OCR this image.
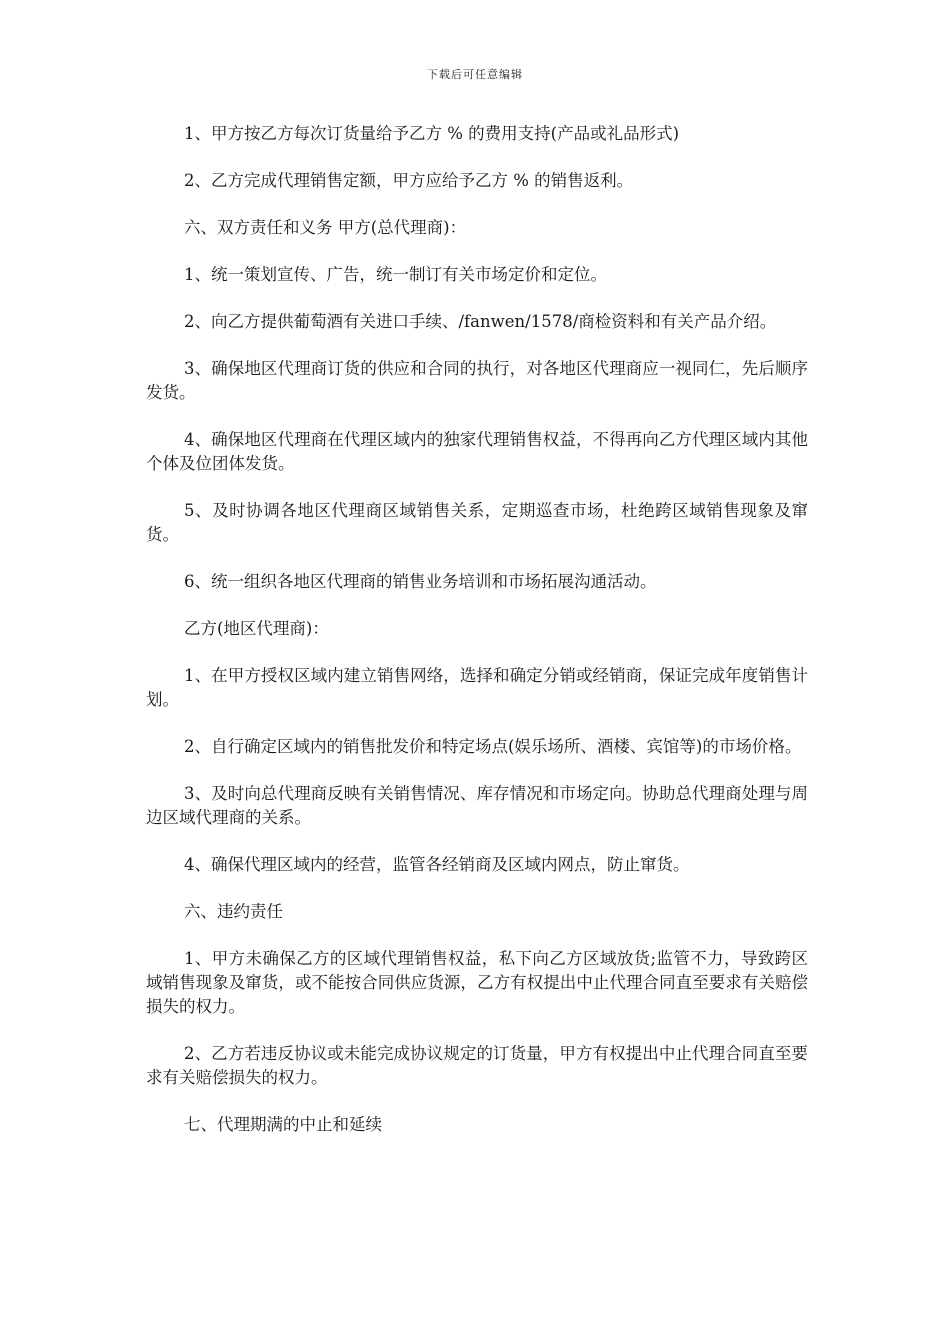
下载后可任意编辑

1、甲方按乙方每次订货量给予乙方 % 的费用支持(产品或礼品形式)

2、乙方完成代理销售定额，甲方应给予乙方 % 的销售返利。

六、双方责任和义务 甲方(总代理商)：

1、统一策划宣传、广告，统一制订有关市场定价和定位。

2、向乙方提供葡萄酒有关进口手续、/fanwen/1578/商检资料和有关产品介绍。

3、确保地区代理商订货的供应和合同的执行，对各地区代理商应一视同仁，先后顺序发货。

4、确保地区代理商在代理区域内的独家代理销售权益，不得再向乙方代理区域内其他个体及位团体发货。

5、及时协调各地区代理商区域销售关系，定期巡查市场，杜绝跨区域销售现象及窜货。

6、统一组织各地区代理商的销售业务培训和市场拓展沟通活动。

乙方(地区代理商)：

1、在甲方授权区域内建立销售网络，选择和确定分销或经销商，保证完成年度销售计划。

2、自行确定区域内的销售批发价和特定场点(娱乐场所、酒楼、宾馆等)的市场价格。

3、及时向总代理商反映有关销售情况、库存情况和市场定向。协助总代理商处理与周边区域代理商的关系。

4、确保代理区域内的经营，监管各经销商及区域内网点，防止窜货。

六、违约责任

1、甲方未确保乙方的区域代理销售权益，私下向乙方区域放货;监管不力，导致跨区域销售现象及窜货，或不能按合同供应货源，乙方有权提出中止代理合同直至要求有关赔偿损失的权力。

2、乙方若违反协议或未能完成协议规定的订货量，甲方有权提出中止代理合同直至要求有关赔偿损失的权力。

七、代理期满的中止和延续
